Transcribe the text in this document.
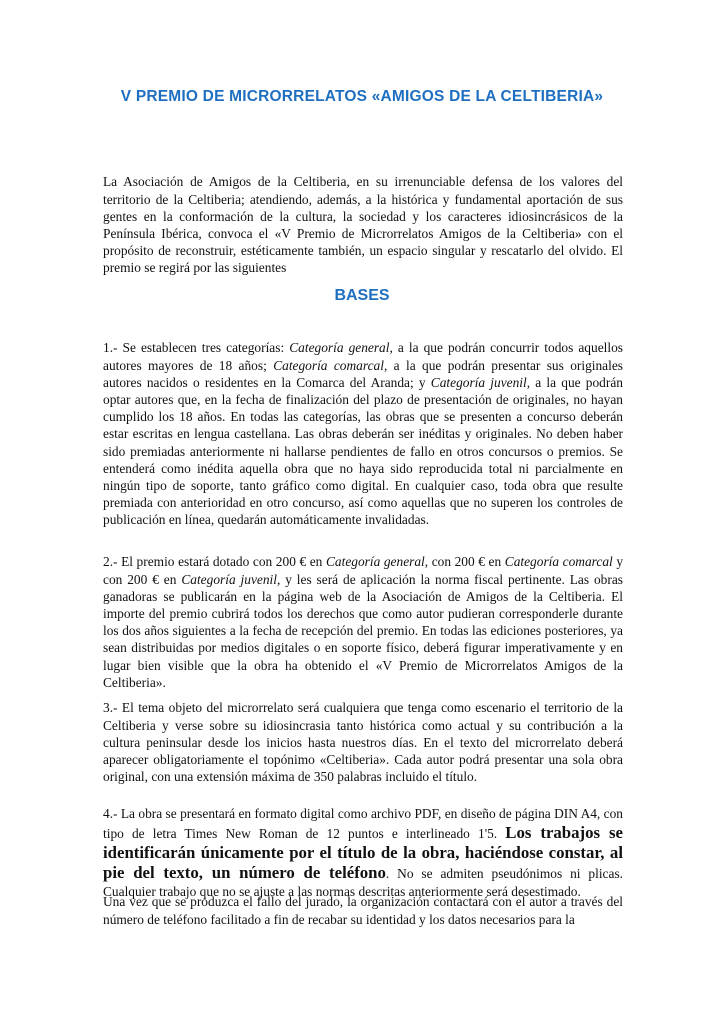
V PREMIO DE MICRORRELATOS «AMIGOS DE LA CELTIBERIA»

La Asociación de Amigos de la Celtiberia, en su irrenunciable defensa de los valores del territorio de la Celtiberia; atendiendo, además, a la histórica y fundamental aportación de sus gentes en la conformación de la cultura, la sociedad y los caracteres idiosincrásicos de la Península Ibérica, convoca el «V Premio de Microrrelatos Amigos de la Celtiberia» con el propósito de reconstruir, estéticamente también, un espacio singular y rescatarlo del olvido. El premio se regirá por las siguientes

BASES

1.- Se establecen tres categorías: Categoría general, a la que podrán concurrir todos aquellos autores mayores de 18 años; Categoría comarcal, a la que podrán presentar sus originales autores nacidos o residentes en la Comarca del Aranda; y Categoría juvenil, a la que podrán optar autores que, en la fecha de finalización del plazo de presentación de originales, no hayan cumplido los 18 años. En todas las categorías, las obras que se presenten a concurso deberán estar escritas en lengua castellana. Las obras deberán ser inéditas y originales. No deben haber sido premiadas anteriormente ni hallarse pendientes de fallo en otros concursos o premios. Se entenderá como inédita aquella obra que no haya sido reproducida total ni parcialmente en ningún tipo de soporte, tanto gráfico como digital. En cualquier caso, toda obra que resulte premiada con anterioridad en otro concurso, así como aquellas que no superen los controles de publicación en línea, quedarán automáticamente invalidadas.

2.- El premio estará dotado con 200 € en Categoría general, con 200 € en Categoría comarcal y con 200 € en Categoría juvenil, y les será de aplicación la norma fiscal pertinente. Las obras ganadoras se publicarán en la página web de la Asociación de Amigos de la Celtiberia. El importe del premio cubrirá todos los derechos que como autor pudieran corresponderle durante los dos años siguientes a la fecha de recepción del premio. En todas las ediciones posteriores, ya sean distribuidas por medios digitales o en soporte físico, deberá figurar imperativamente y en lugar bien visible que la obra ha obtenido el «V Premio de Microrrelatos Amigos de la Celtiberia».

3.- El tema objeto del microrrelato será cualquiera que tenga como escenario el territorio de la Celtiberia y verse sobre su idiosincrasia tanto histórica como actual y su contribución a la cultura peninsular desde los inicios hasta nuestros días. En el texto del microrrelato deberá aparecer obligatoriamente el topónimo «Celtiberia». Cada autor podrá presentar una sola obra original, con una extensión máxima de 350 palabras incluido el título.

4.- La obra se presentará en formato digital como archivo PDF, en diseño de página DIN A4, con tipo de letra Times New Roman de 12 puntos e interlineado 1'5. Los trabajos se identificarán únicamente por el título de la obra, haciéndose constar, al pie del texto, un número de teléfono. No se admiten pseudónimos ni plicas. Cualquier trabajo que no se ajuste a las normas descritas anteriormente será desestimado.

Una vez que se produzca el fallo del jurado, la organización contactará con el autor a través del número de teléfono facilitado a fin de recabar su identidad y los datos necesarios para la
